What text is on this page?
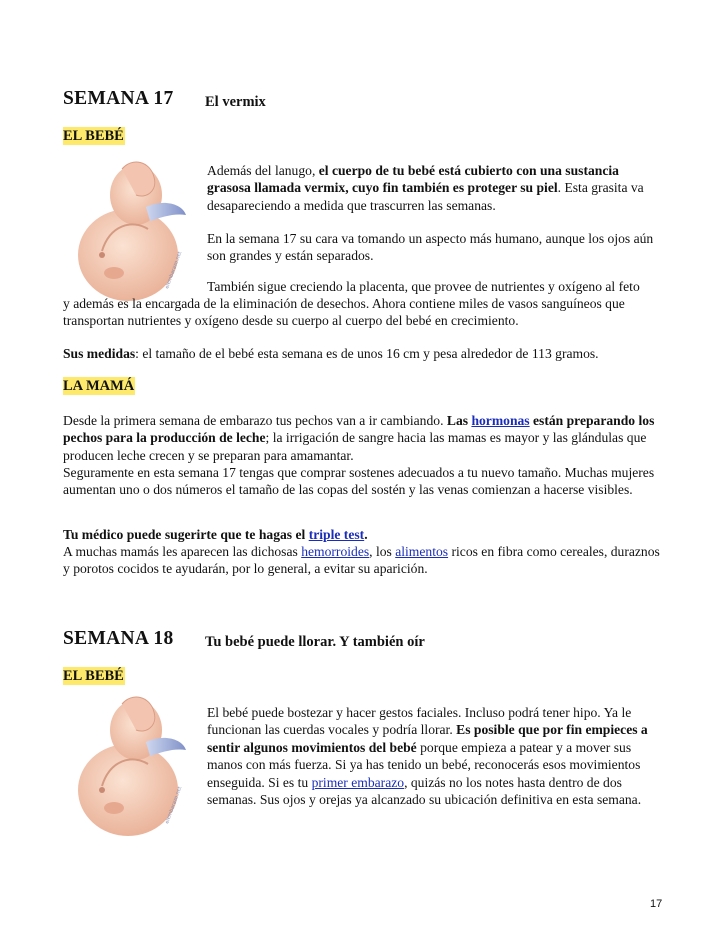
SEMANA 17 El vermix
EL BEBÉ
elembarazo.net
Además del lanugo, el cuerpo de tu bebé está cubierto con una sustancia grasosa llamada vermix, cuyo fin también es proteger su piel. Esta grasita va desapareciendo a medida que trascurren las semanas.
En la semana 17 su cara va tomando un aspecto más humano, aunque los ojos aún son grandes y están separados.
También sigue creciendo la placenta, que provee de nutrientes y oxígeno al feto
y además es la encargada de la eliminación de desechos. Ahora contiene miles de vasos sanguíneos que transportan nutrientes y oxígeno desde su cuerpo al cuerpo del bebé en crecimiento.
Sus medidas: el tamaño de el bebé esta semana es de unos 16 cm y pesa alrededor de 113 gramos.
LA MAMÁ
Desde la primera semana de embarazo tus pechos van a ir cambiando. Las hormonas están preparando los pechos para la producción de leche; la irrigación de sangre hacia las mamas es mayor y las glándulas que producen leche crecen y se preparan para amamantar.
Seguramente en esta semana 17 tengas que comprar sostenes adecuados a tu nuevo tamaño. Muchas mujeres aumentan uno o dos números el tamaño de las copas del sostén y las venas comienzan a hacerse visibles.
Tu médico puede sugerirte que te hagas el triple test.
A muchas mamás les aparecen las dichosas hemorroides, los alimentos ricos en fibra como cereales, duraznos y porotos cocidos te ayudarán, por lo general, a evitar su aparición.
SEMANA 18 Tu bebé puede llorar. Y también oír
EL BEBÉ
elembarazo.net
El bebé puede bostezar y hacer gestos faciales. Incluso podrá tener hipo. Ya le funcionan las cuerdas vocales y podría llorar. Es posible que por fin empieces a sentir algunos movimientos del bebé porque empieza a patear y a mover sus manos con más fuerza. Si ya has tenido un bebé, reconocerás esos movimientos enseguida. Si es tu primer embarazo, quizás no los notes hasta dentro de dos semanas. Sus ojos y orejas ya alcanzado su ubicación definitiva en esta semana.
17
